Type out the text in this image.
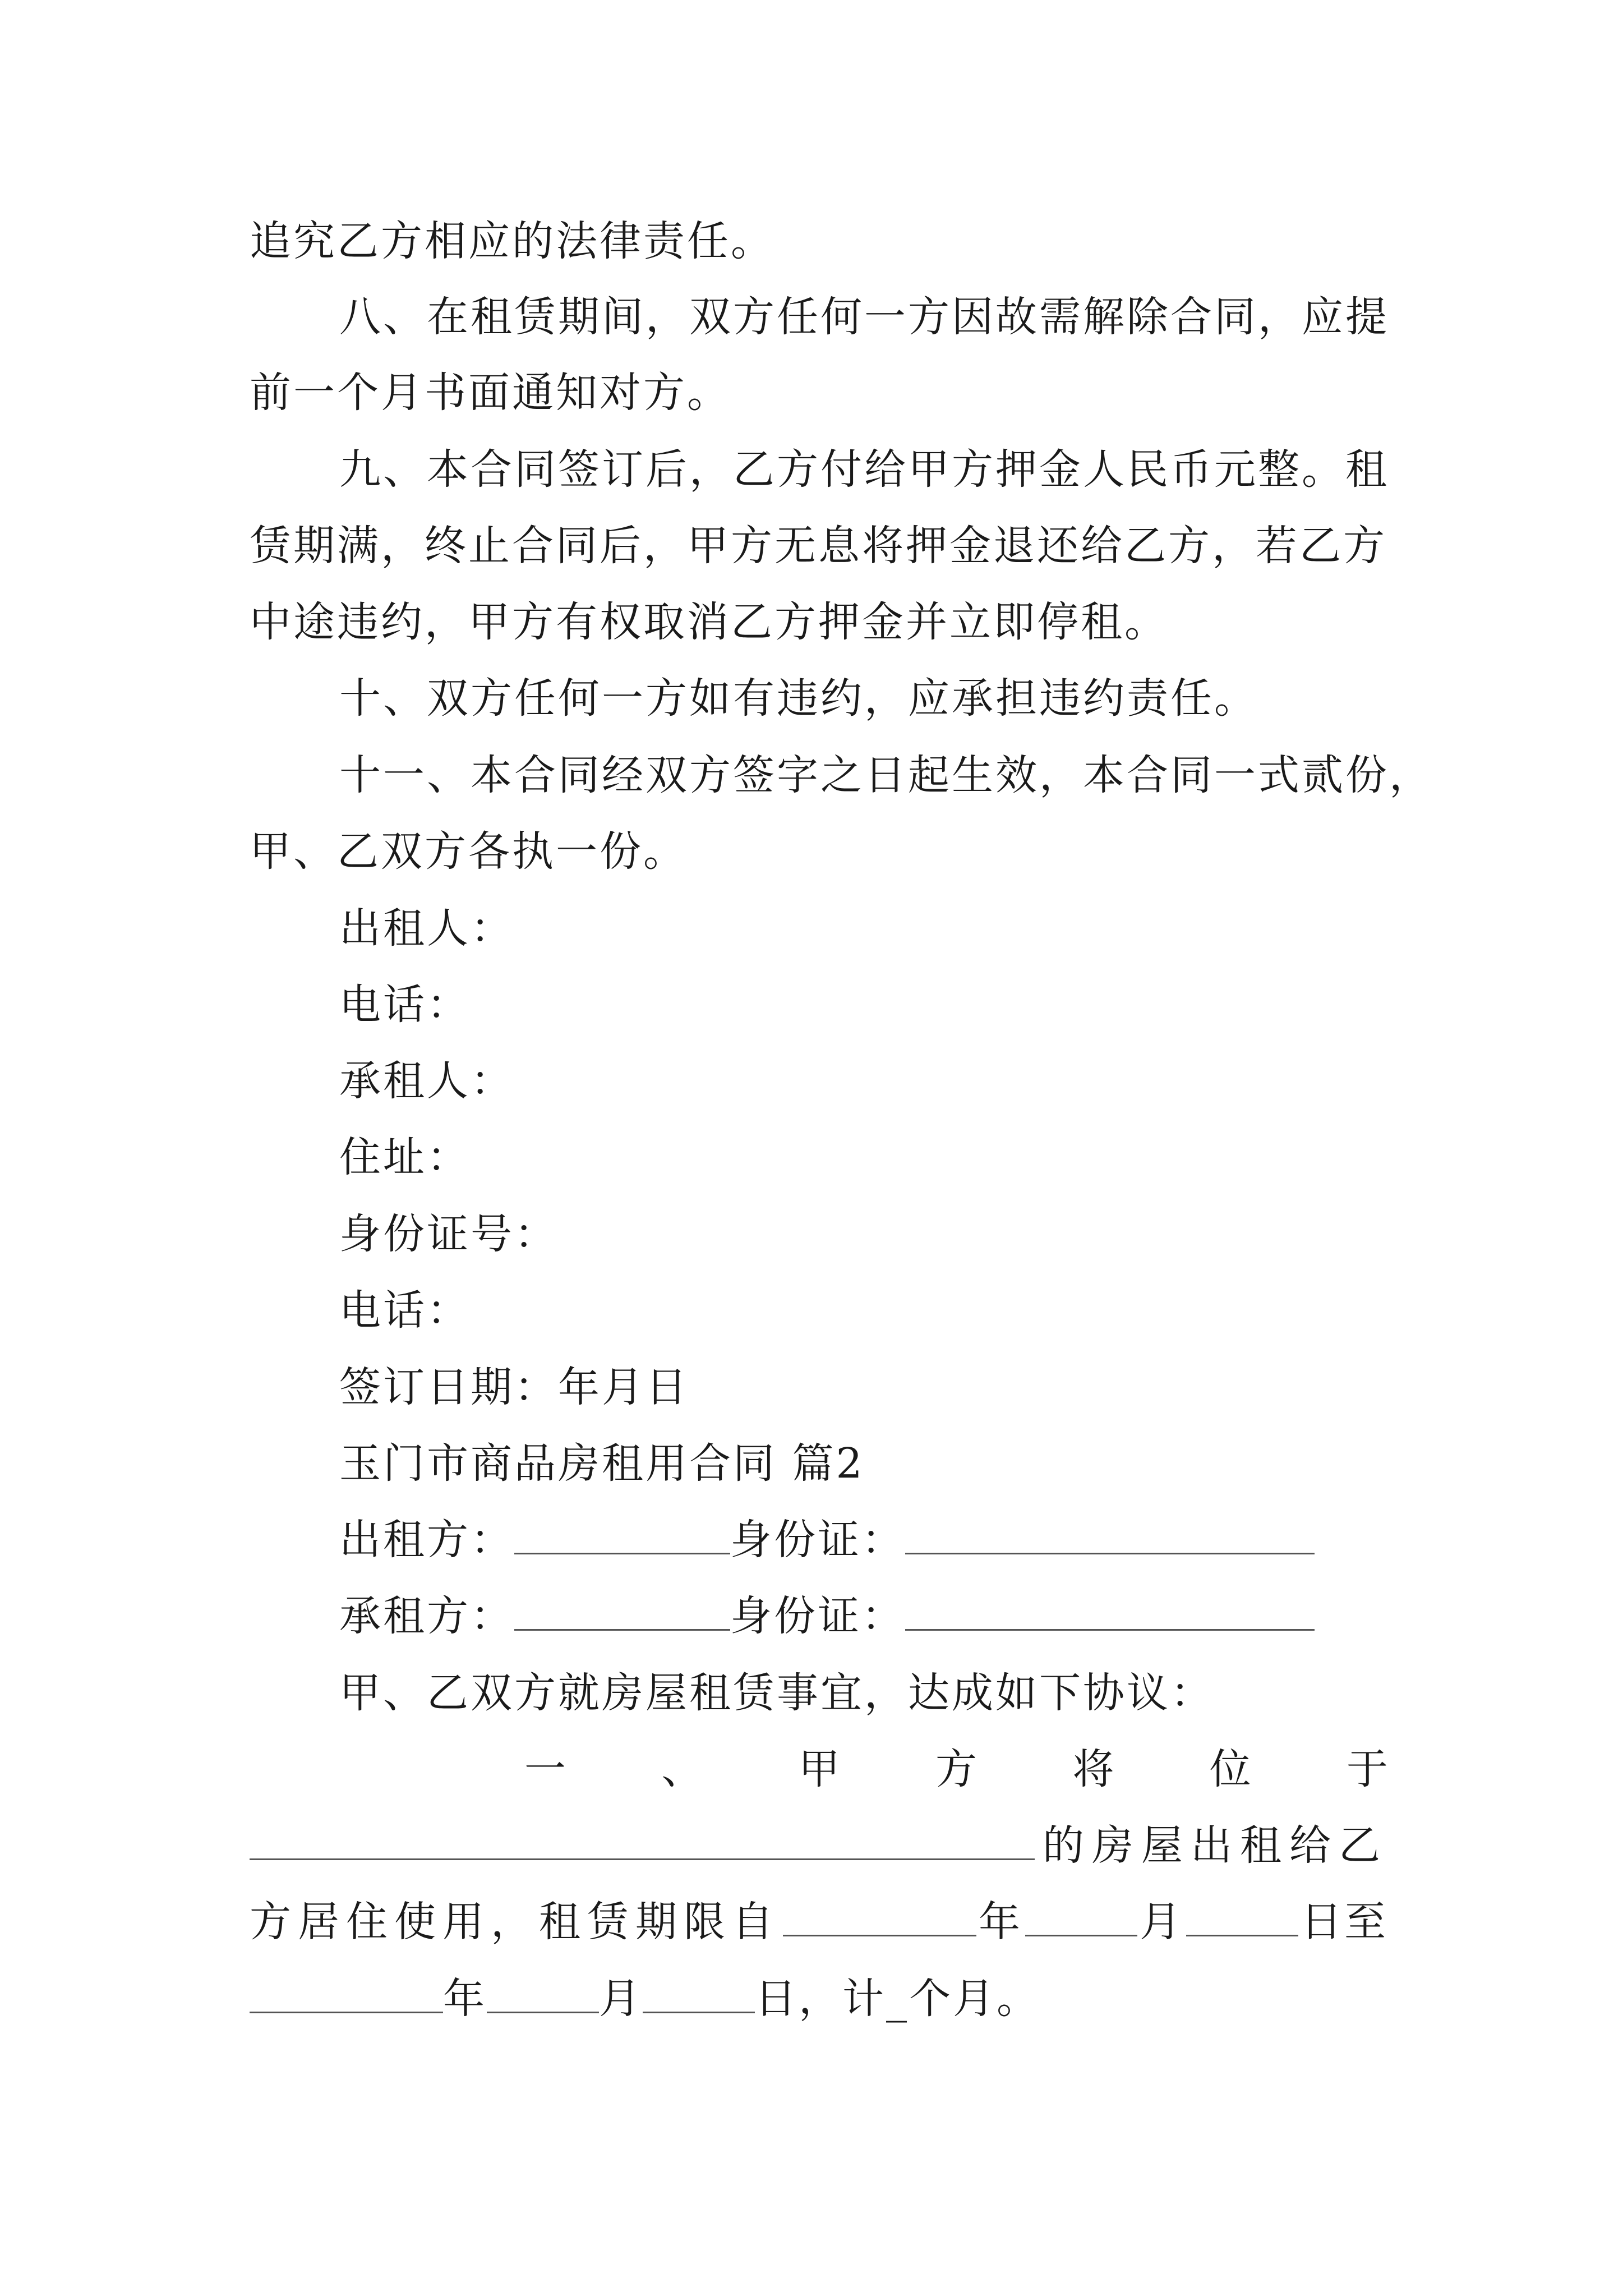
追究乙方相应的法律责任。
八、在租赁期间，双方任何一方因故需解除合同，应提
前一个月书面通知对方。
九、本合同签订后，乙方付给甲方押金人民币元整。租
赁期满，终止合同后，甲方无息将押金退还给乙方，若乙方
中途违约，甲方有权取消乙方押金并立即停租。
十、双方任何一方如有违约，应承担违约责任。
十一、本合同经双方签字之日起生效，本合同一式贰份，
甲、乙双方各执一份。
出租人：
电话：
承租人：
住址：
身份证号：
电话：
签订日期：年月日
玉门市商品房租用合同 篇2
出租方：	身份证：
承租方：	身份证：
甲、乙双方就房屋租赁事宜，达成如下协议：
一 、 甲 方 将 位 于
的房屋出租给乙
方居住使用，租赁期限自	年	月	日至
年	月	日，计_个月。
